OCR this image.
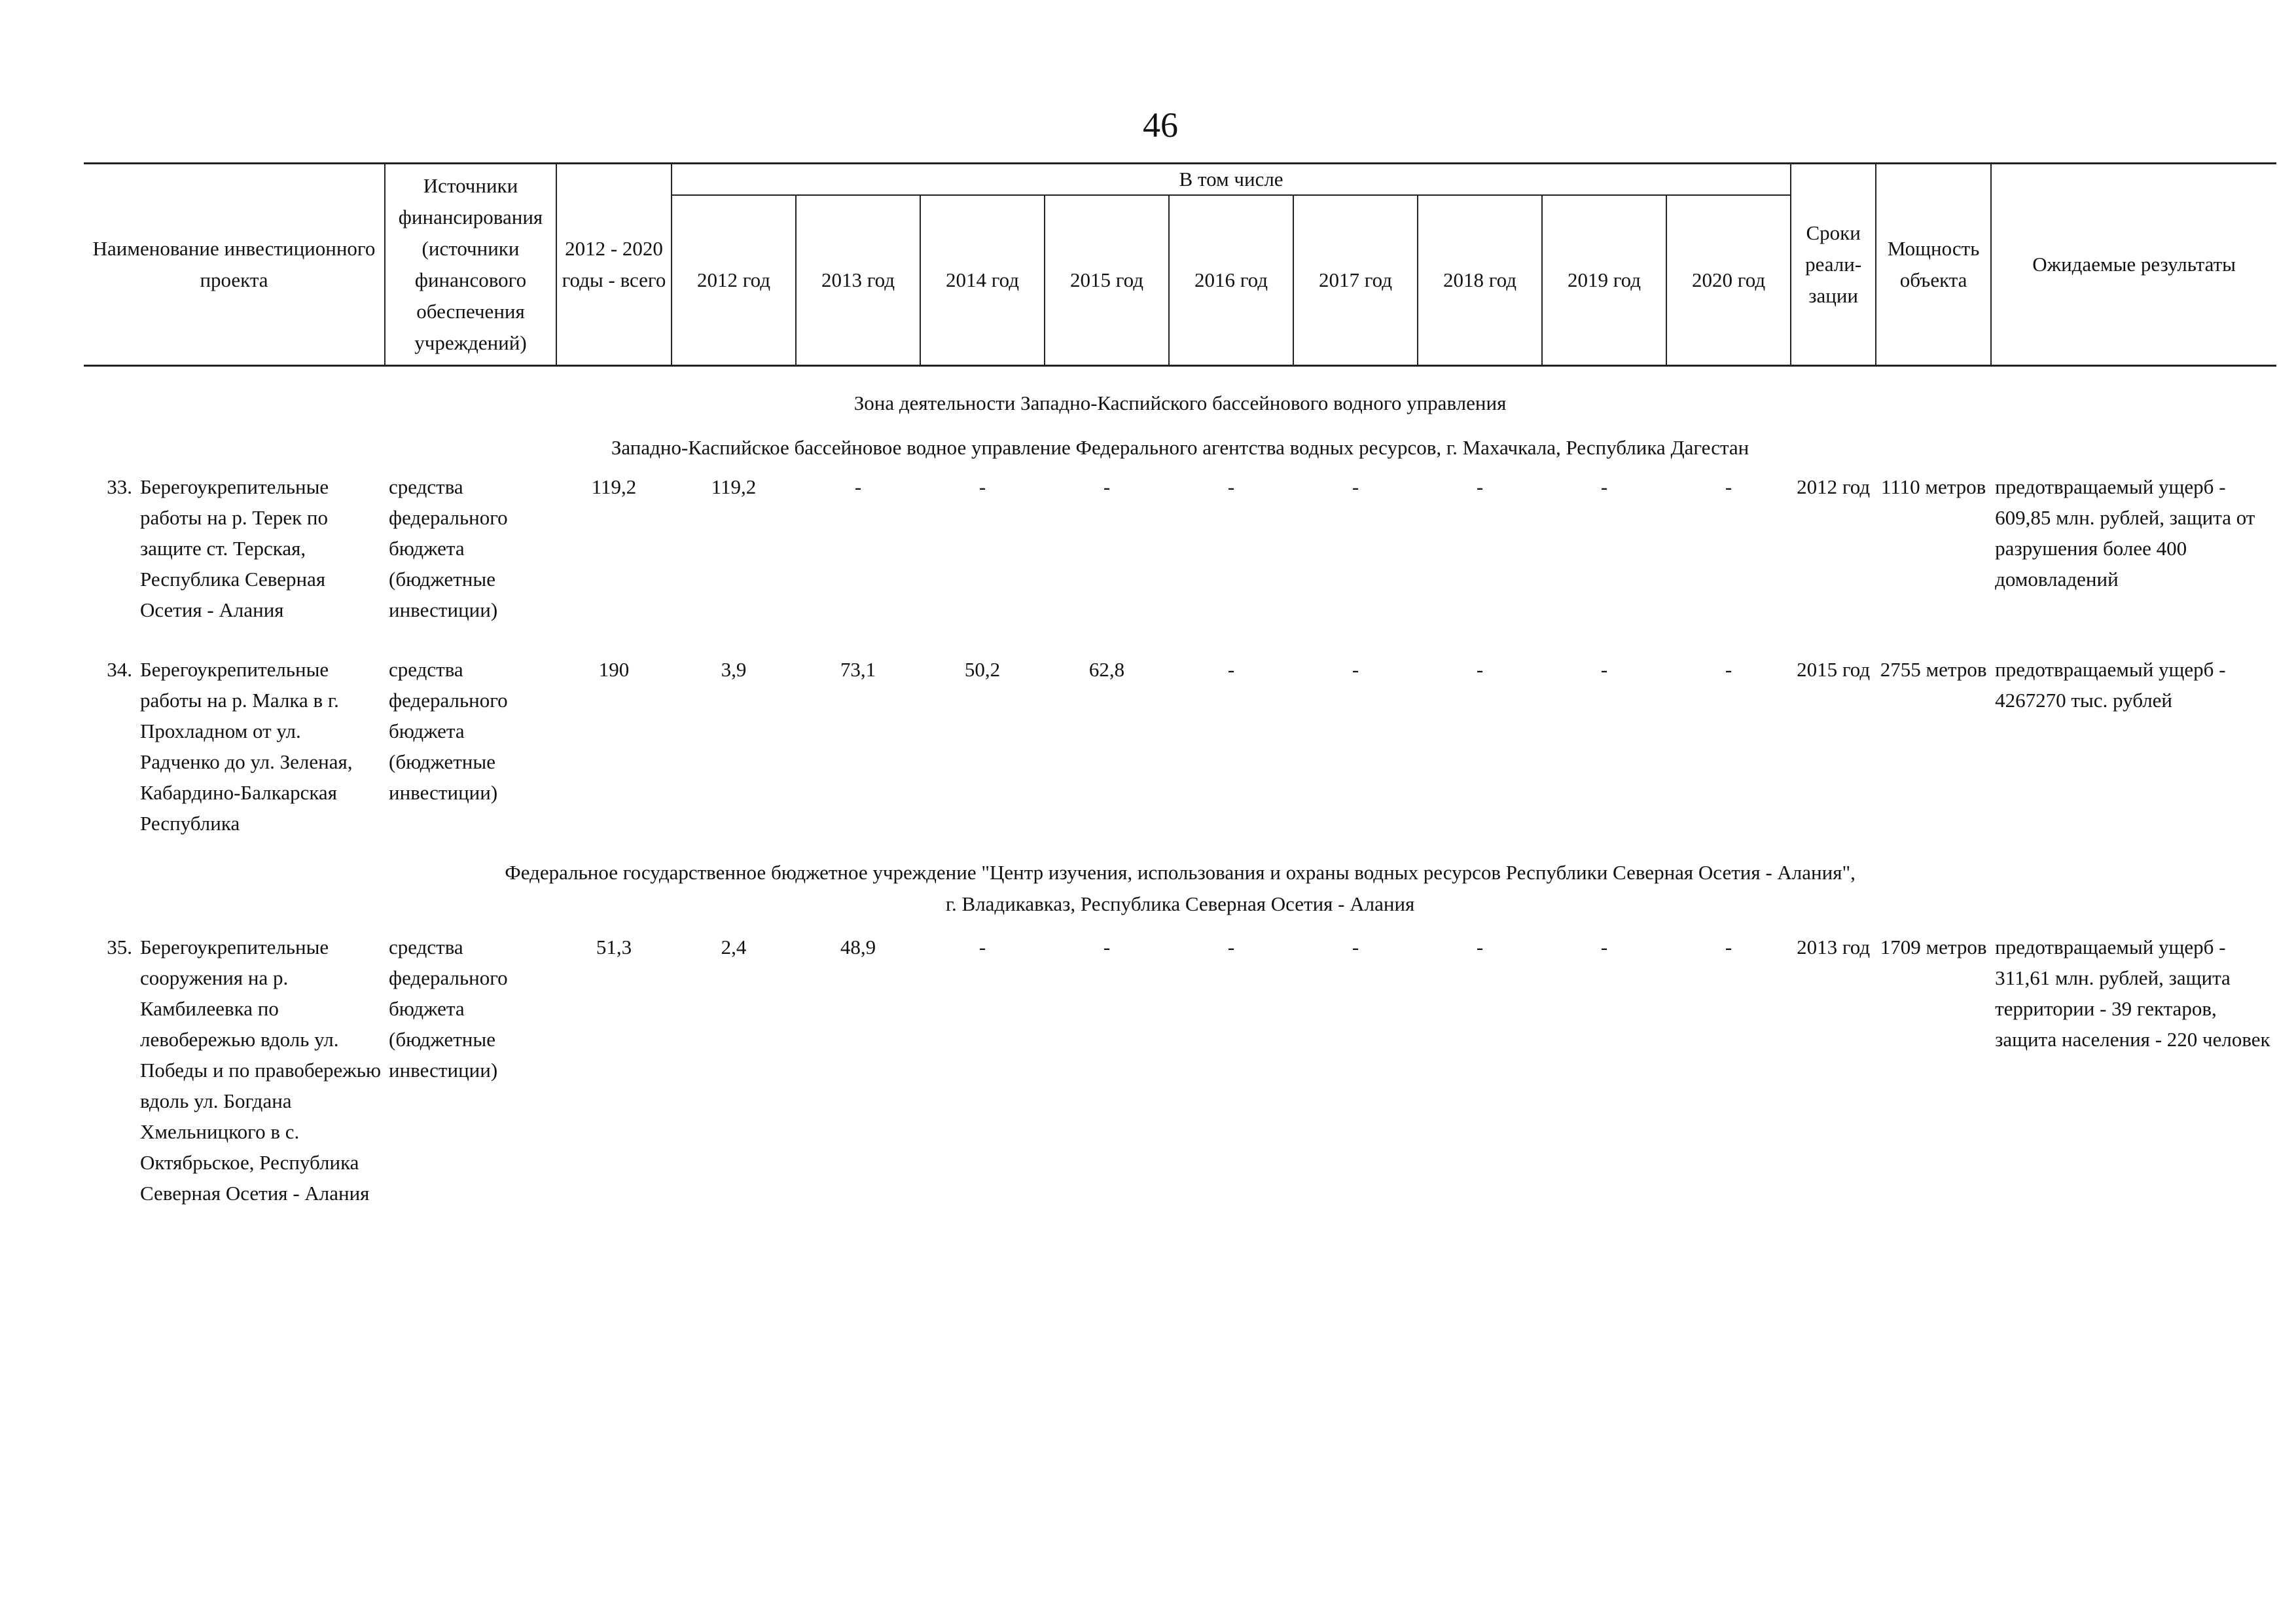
46
Наименование инвестиционного проекта		Источники финансирования (источники финансового обеспечения учреждений)	2012 - 2020 годы - всего	В том числе									Сроки реали- зации	Мощность объекта	Ожидаемые результаты
				2012 год	2013 год	2014 год	2015 год	2016 год	2017 год	2018 год	2019 год	2020 год			
Зона деятельности Западно-Каспийского бассейнового водного управления															
Западно-Каспийское бассейновое водное управление Федерального агентства водных ресурсов, г. Махачкала, Республика Дагестан															
33.	Берегоукрепительные работы на р. Терек по защите ст. Терская, Республика Северная Осетия - Алания	средства федерального бюджета (бюджетные инвестиции)	119,2	119,2	-	-	-	-	-	-	-	-	2012 год	1110 метров	предотвращаемый ущерб - 609,85 млн. рублей, защита от разрушения более 400 домовладений

34.	Берегоукрепительные работы на р. Малка в г. Прохладном от ул. Радченко до ул. Зеленая, Кабардино-Балкарская Республика	средства федерального бюджета (бюджетные инвестиции)	190	3,9	73,1	50,2	62,8	-	-	-	-	-	2015 год	2755 метров	предотвращаемый ущерб - 4267270 тыс. рублей
Федеральное государственное бюджетное учреждение "Центр изучения, использования и охраны водных ресурсов Республики Северная Осетия - Алания",
г. Владикавказ, Республика Северная Осетия - Алания															
35.	Берегоукрепительные сооружения на р. Камбилеевка по левобережью вдоль ул. Победы и по правобережью вдоль ул. Богдана Хмельницкого в с. Октябрьское, Республика Северная Осетия - Алания	средства федерального бюджета (бюджетные инвестиции)	51,3	2,4	48,9	-	-	-	-	-	-	-	2013 год	1709 метров	предотвращаемый ущерб - 311,61 млн. рублей, защита территории - 39 гектаров, защита населения - 220 человек
